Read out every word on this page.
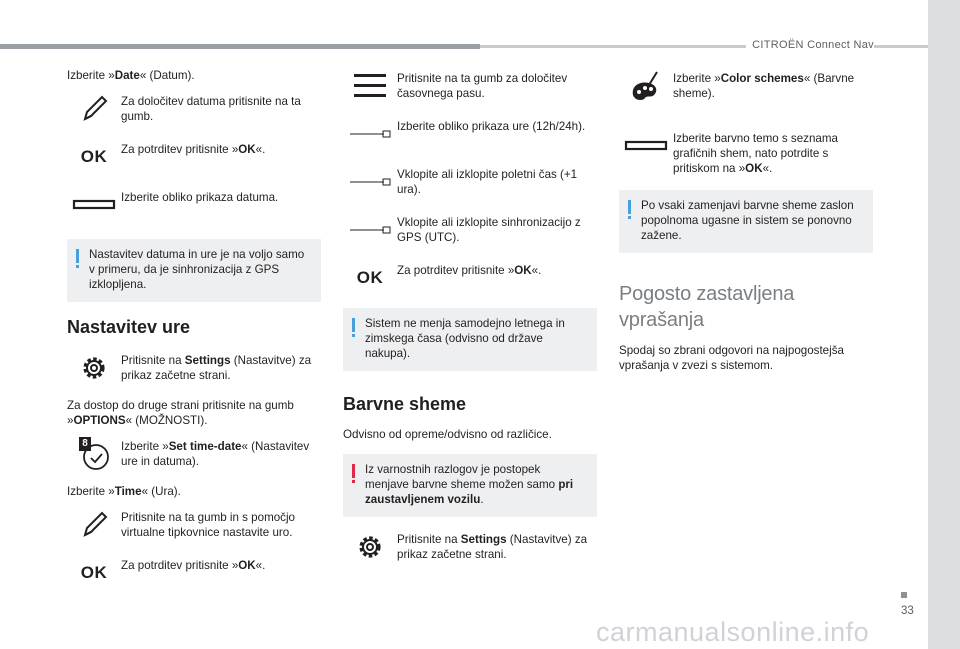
CITROËN Connect Nav

Izberite »Date« (Datum).

Za določitev datuma pritisnite na ta gumb.
OK Za potrditev pritisnite »OK«.
Izberite obliko prikaza datuma.
Nastavitev datuma in ure je na voljo samo v primeru, da je sinhronizacija z GPS izklopljena.
Nastavitev ure
Pritisnite na Settings (Nastavitve) za prikaz začetne strani.

Za dostop do druge strani pritisnite na gumb »OPTIONS« (MOŽNOSTI).

8	Izberite »Set time-date« (Nastavitev ure in datuma).

Izberite »Time« (Ura).

Pritisnite na ta gumb in s pomočjo virtualne tipkovnice nastavite uro.
OK Za potrditev pritisnite »OK«.
Pritisnite na ta gumb za določitev časovnega pasu.
Izberite obliko prikaza ure (12h/24h).
Vklopite ali izklopite poletni čas (+1 ura).
Vklopite ali izklopite sinhronizacijo z GPS (UTC).
OK Za potrditev pritisnite »OK«.
Sistem ne menja samodejno letnega in zimskega časa (odvisno od države nakupa).
Barvne sheme

Odvisno od opreme/odvisno od različice.

Iz varnostnih razlogov je postopek menjave barvne sheme možen samo pri zaustavljenem vozilu.
Pritisnite na Settings (Nastavitve) za prikaz začetne strani.
Izberite »Color schemes« (Barvne sheme).
Izberite barvno temo s seznama grafičnih shem, nato potrdite s pritiskom na »OK«.
Po vsaki zamenjavi barvne sheme zaslon popolnoma ugasne in sistem se ponovno zažene.
Pogosto zastavljena vprašanja

Spodaj so zbrani odgovori na najpogostejša vprašanja v zvezi s sistemom.

33
carmanualsonline.info
